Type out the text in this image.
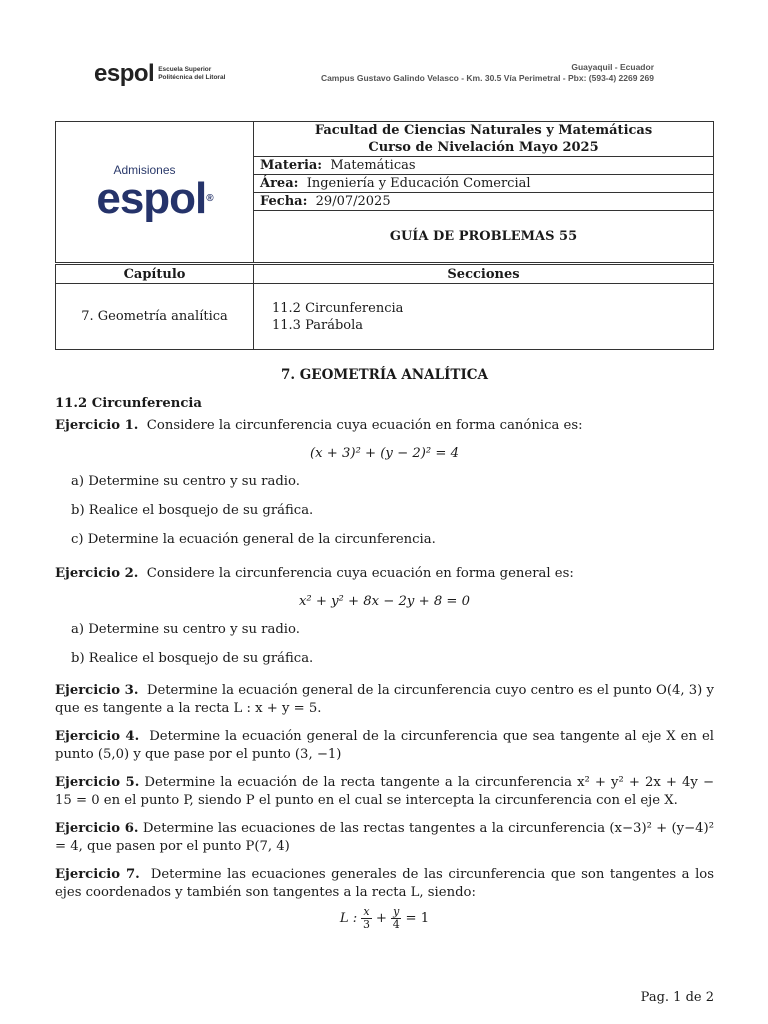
espol Escuela Superior
Politécnica del Litoral
Guayaquil - Ecuador
Campus Gustavo Galindo Velasco - Km. 30.5 Vía Perimetral - Pbx: (593-4) 2269 269
Admisiones
espol®

Facultad de Ciencias Naturales y Matemáticas
Curso de Nivelación Mayo 2025

Materia: Matemáticas
Área: Ingeniería y Educación Comercial
Fecha: 29/07/2025
GUÍA DE PROBLEMAS 55
Capítulo	Secciones
7. Geometría analítica	11.2 Circunferencia
11.3 Parábola
7. GEOMETRÍA ANALÍTICA
11.2 Circunferencia
Ejercicio 1. Considere la circunferencia cuya ecuación en forma canónica es:
(x + 3)² + (y − 2)² = 4
a) Determine su centro y su radio.
b) Realice el bosquejo de su gráfica.
c) Determine la ecuación general de la circunferencia.
Ejercicio 2. Considere la circunferencia cuya ecuación en forma general es:
x² + y² + 8x − 2y + 8 = 0
a) Determine su centro y su radio.
b) Realice el bosquejo de su gráfica.
Ejercicio 3. Determine la ecuación general de la circunferencia cuyo centro es el punto O(4, 3) y que es tangente a la recta L : x + y = 5.
Ejercicio 4. Determine la ecuación general de la circunferencia que sea tangente al eje X en el punto (5,0) y que pase por el punto (3, −1)
Ejercicio 5. Determine la ecuación de la recta tangente a la circunferencia x² + y² + 2x + 4y − 15 = 0 en el punto P, siendo P el punto en el cual se intercepta la circunferencia con el eje X.
Ejercicio 6. Determine las ecuaciones de las rectas tangentes a la circunferencia (x−3)² + (y−4)² = 4, que pasen por el punto P(7, 4)
Ejercicio 7. Determine las ecuaciones generales de las circunferencia que son tangentes a los ejes coordenados y también son tangentes a la recta L, siendo:
L : $\frac{x}{3} + \frac{y}{4} = 1$
Pag. 1 de 2
